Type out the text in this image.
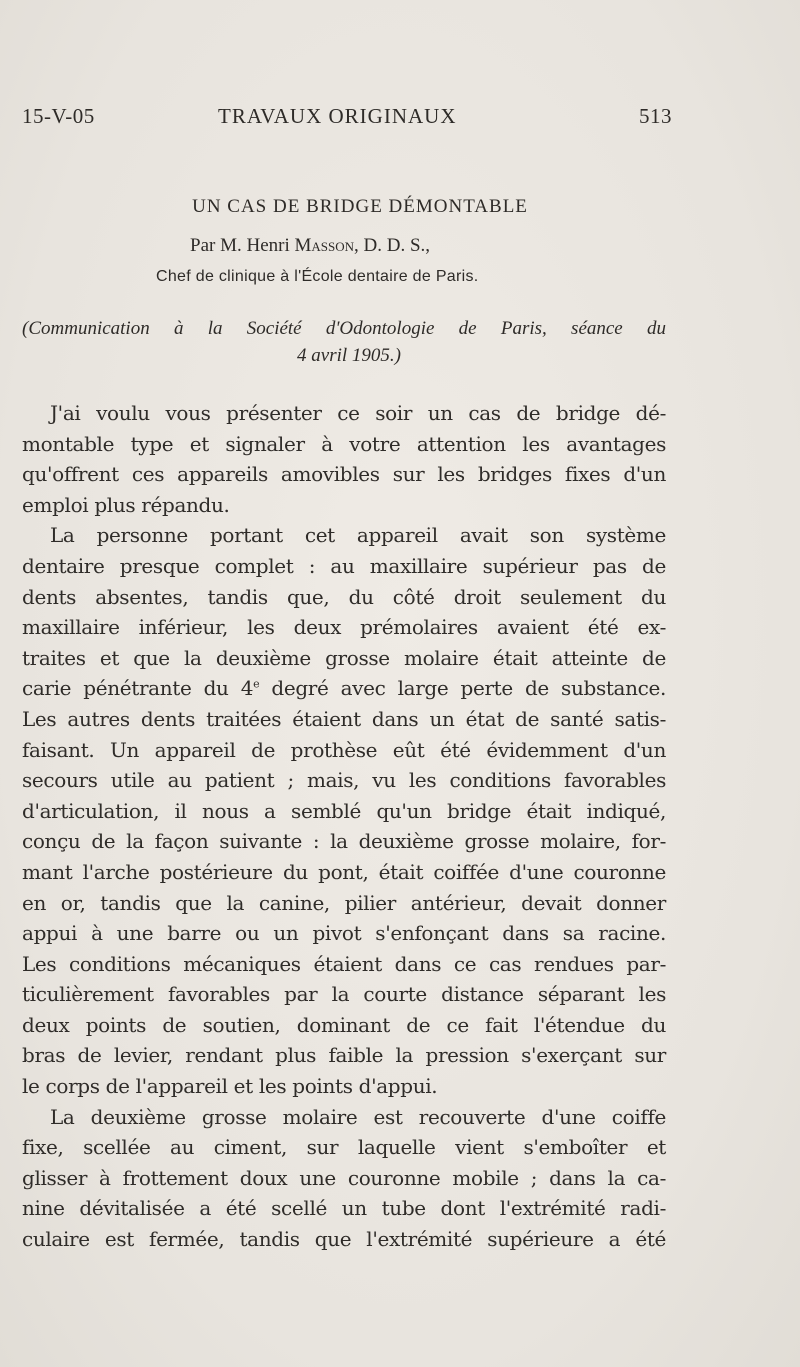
15-V-05	TRAVAUX ORIGINAUX	513
UN CAS DE BRIDGE DÉMONTABLE
Par M. Henri Masson, D. D. S.,
Chef de clinique à l'École dentaire de Paris.
(Communication à la Société d'Odontologie de Paris, séance du
4 avril 1905.)

J'ai voulu vous présenter ce soir un cas de bridge dé-
montable type et signaler à votre attention les avantages
qu'offrent ces appareils amovibles sur les bridges fixes d'un
emploi plus répandu.

La personne portant cet appareil avait son système
dentaire presque complet : au maxillaire supérieur pas de
dents absentes, tandis que, du côté droit seulement du
maxillaire inférieur, les deux prémolaires avaient été ex-
traites et que la deuxième grosse molaire était atteinte de
carie pénétrante du 4e degré avec large perte de substance.
Les autres dents traitées étaient dans un état de santé satis-
faisant. Un appareil de prothèse eût été évidemment d'un
secours utile au patient ; mais, vu les conditions favorables
d'articulation, il nous a semblé qu'un bridge était indiqué,
conçu de la façon suivante : la deuxième grosse molaire, for-
mant l'arche postérieure du pont, était coiffée d'une couronne
en or, tandis que la canine, pilier antérieur, devait donner
appui à une barre ou un pivot s'enfonçant dans sa racine.
Les conditions mécaniques étaient dans ce cas rendues par-
ticulièrement favorables par la courte distance séparant les
deux points de soutien, dominant de ce fait l'étendue du
bras de levier, rendant plus faible la pression s'exerçant sur
le corps de l'appareil et les points d'appui.

La deuxième grosse molaire est recouverte d'une coiffe
fixe, scellée au ciment, sur laquelle vient s'emboîter et
glisser à frottement doux une couronne mobile ; dans la ca-
nine dévitalisée a été scellé un tube dont l'extrémité radi-
culaire est fermée, tandis que l'extrémité supérieure a été
